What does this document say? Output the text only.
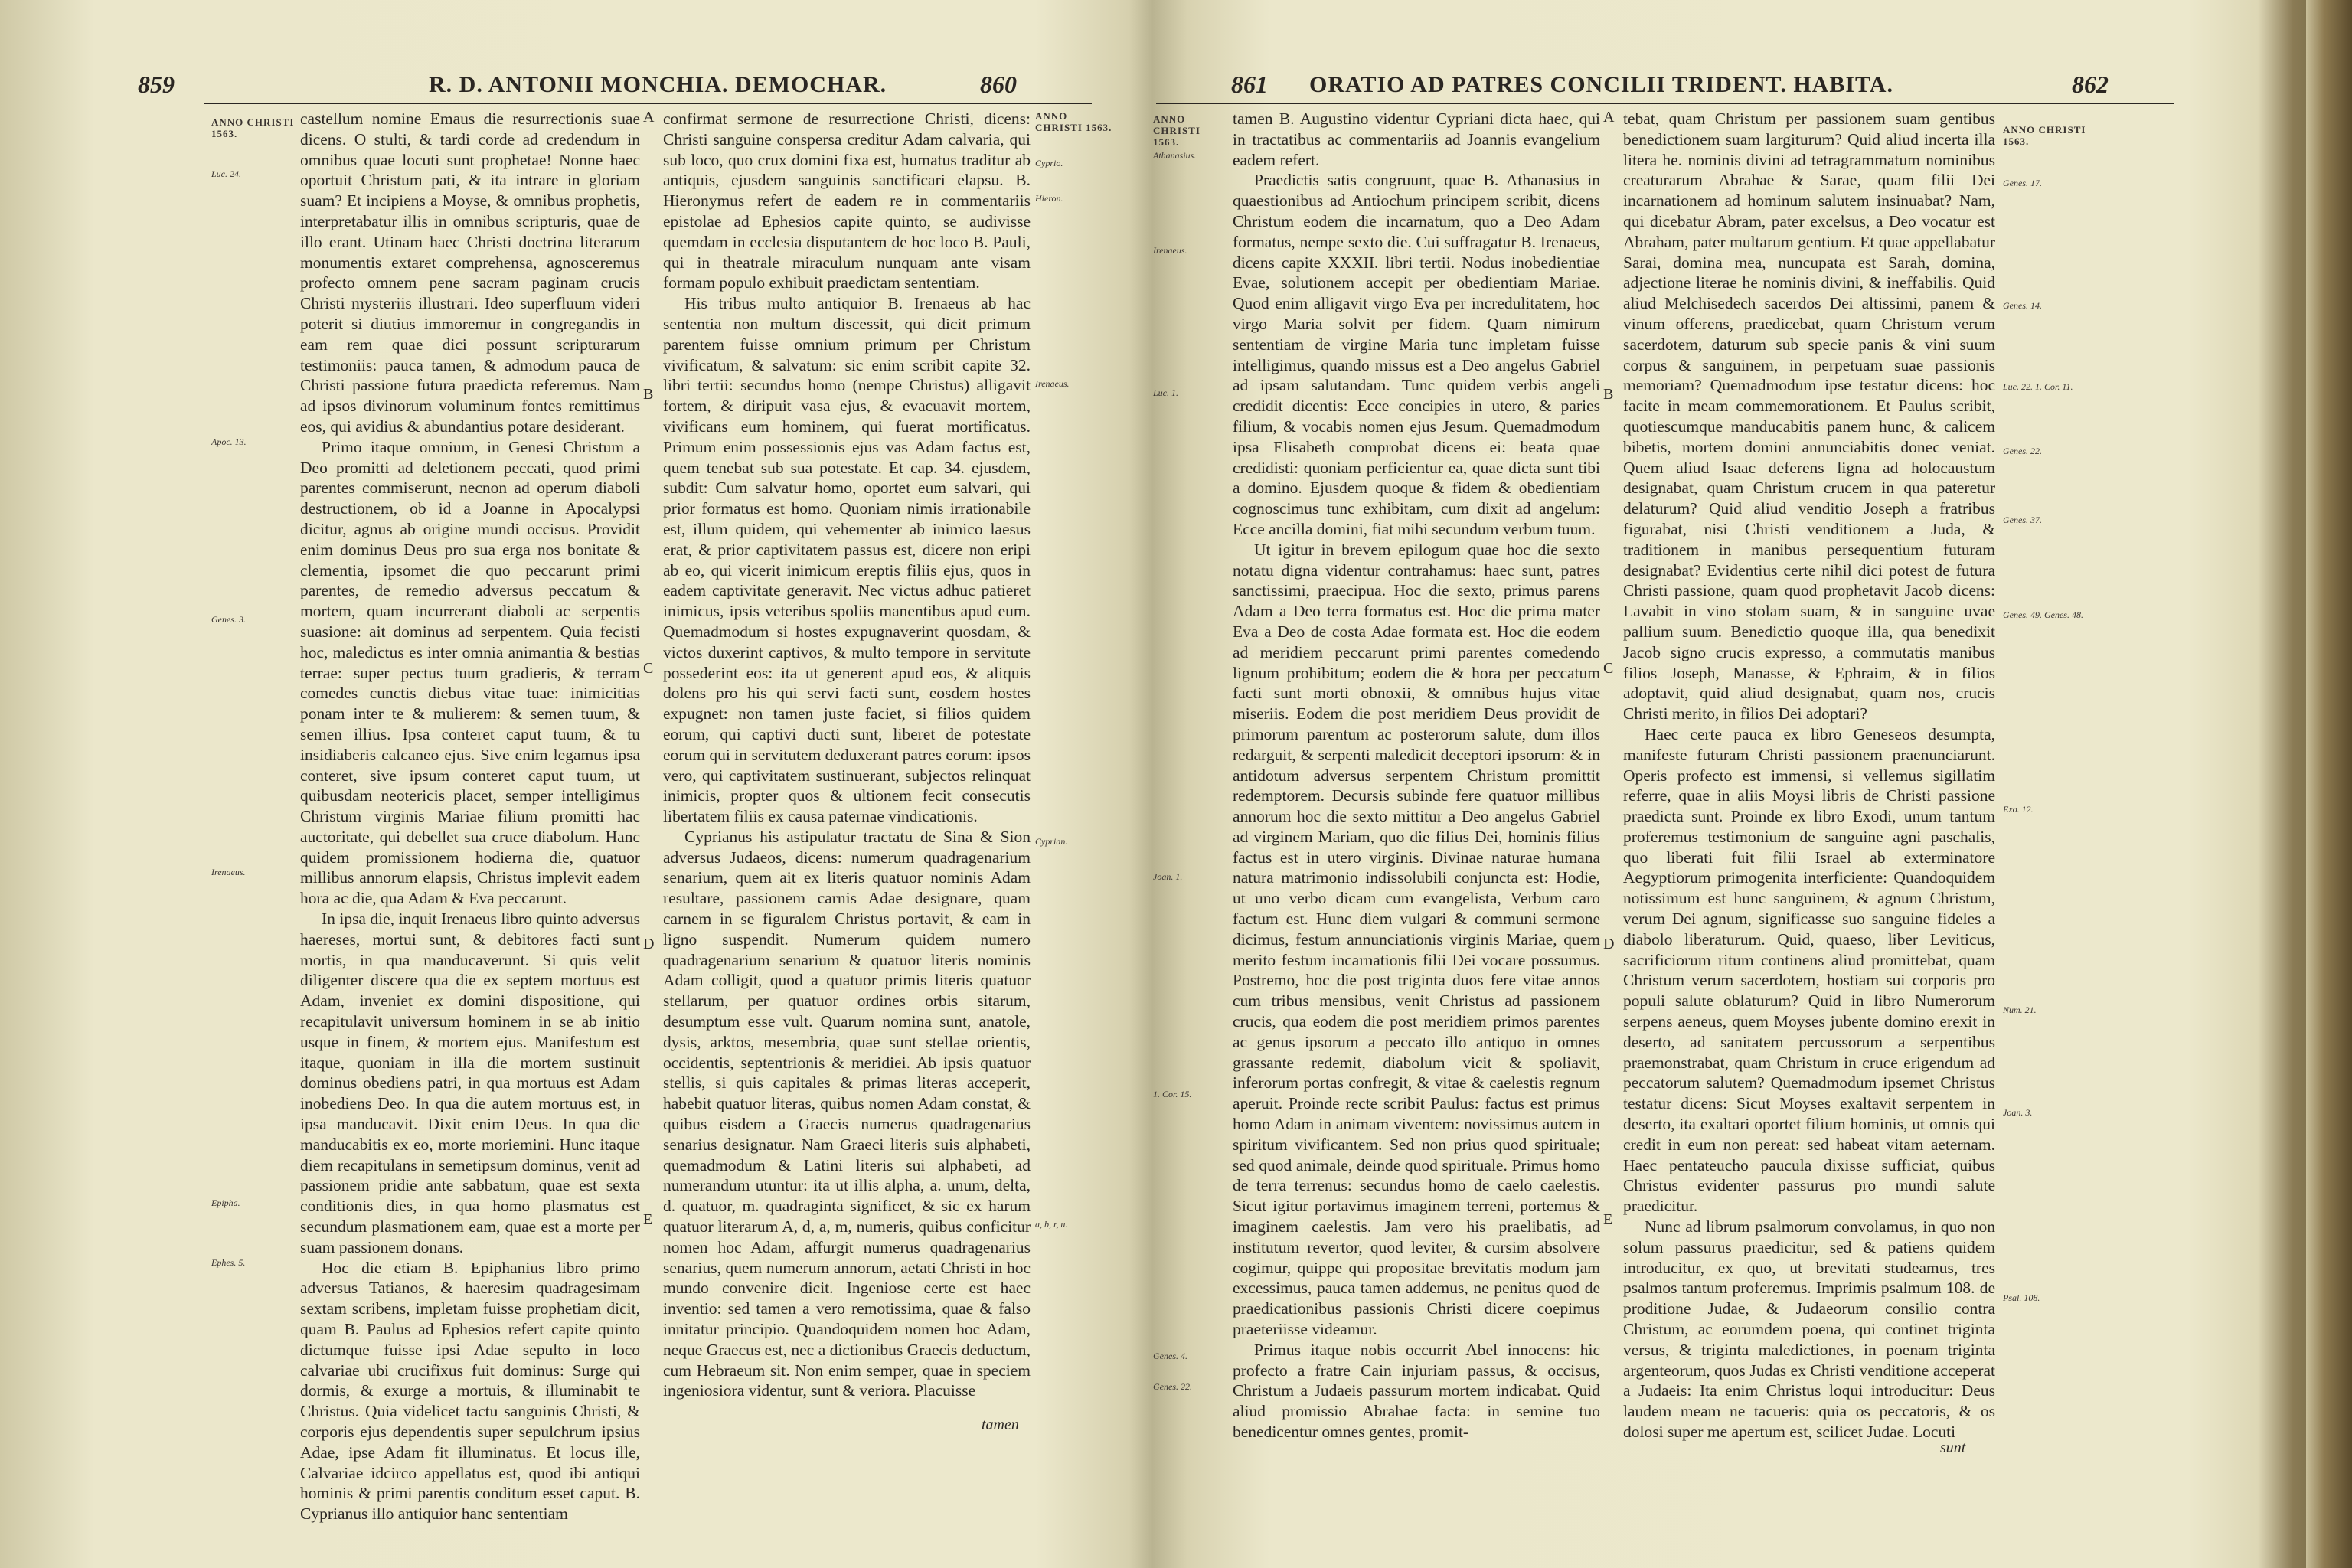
859	R. D. ANTONII MONCHIA. DEMOCHAR.	860
ANNO CHRISTI 1563.
Luc. 24.
Apoc. 13.
Genes. 3.
Irenaeus.
Epipha.
Ephes. 5.

castellum nomine Emaus die resurrectionis suae dicens. O stulti, & tardi corde ad credendum in omnibus quae locuti sunt prophetae! Nonne haec oportuit Christum pati, & ita intrare in gloriam suam? Et incipiens a Moyse, & omnibus prophetis, interpretabatur illis in omnibus scripturis, quae de illo erant. Utinam haec Christi doctrina literarum monumentis extaret comprehensa, agnosceremus profecto omnem pene sacram paginam crucis Christi mysteriis illustrari. Ideo superfluum videri poterit si diutius immoremur in congregandis in eam rem quae dici possunt scripturarum testimoniis: pauca tamen, & admodum pauca de Christi passione futura praedicta referemus. Nam ad ipsos divinorum voluminum fontes remittimus eos, qui avidius & abundantius potare desiderant.

Primo itaque omnium, in Genesi Christum a Deo promitti ad deletionem peccati, quod primi parentes commiserunt, necnon ad operum diaboli destructionem, ob id a Joanne in Apocalypsi dicitur, agnus ab origine mundi occisus. Providit enim dominus Deus pro sua erga nos bonitate & clementia, ipsomet die quo peccarunt primi parentes, de remedio adversus peccatum & mortem, quam incurrerant diaboli ac serpentis suasione: ait dominus ad serpentem. Quia fecisti hoc, maledictus es inter omnia animantia & bestias terrae: super pectus tuum gradieris, & terram comedes cunctis diebus vitae tuae: inimicitias ponam inter te & mulierem: & semen tuum, & semen illius. Ipsa conteret caput tuum, & tu insidiaberis calcaneo ejus. Sive enim legamus ipsa conteret, sive ipsum conteret caput tuum, ut quibusdam neotericis placet, semper intelligimus Christum virginis Mariae filium promitti hac auctoritate, qui debellet sua cruce diabolum. Hanc quidem promissionem hodierna die, quatuor millibus annorum elapsis, Christus implevit eadem hora ac die, qua Adam & Eva peccarunt.

In ipsa die, inquit Irenaeus libro quinto adversus haereses, mortui sunt, & debitores facti sunt mortis, in qua manducaverunt. Si quis velit diligenter discere qua die ex septem mortuus est Adam, inveniet ex domini dispositione, qui recapitulavit universum hominem in se ab initio usque in finem, & mortem ejus. Manifestum est itaque, quoniam in illa die mortem sustinuit dominus obediens patri, in qua mortuus est Adam inobediens Deo. In qua die autem mortuus est, in ipsa manducavit. Dixit enim Deus. In qua die manducabitis ex eo, morte moriemini. Hunc itaque diem recapitulans in semetipsum dominus, venit ad passionem pridie ante sabbatum, quae est sexta conditionis dies, in qua homo plasmatus est secundum plasmationem eam, quae est a morte per suam passionem donans.

Hoc die etiam B. Epiphanius libro primo adversus Tatianos, & haeresim quadragesimam sextam scribens, impletam fuisse prophetiam dicit, quam B. Paulus ad Ephesios refert capite quinto dictumque fuisse ipsi Adae sepulto in loco calvariae ubi crucifixus fuit dominus: Surge qui dormis, & exurge a mortuis, & illuminabit te Christus. Quia videlicet tactu sanguinis Christi, & corporis ejus dependentis super sepulchrum ipsius Adae, ipse Adam fit illuminatus. Et locus ille, Calvariae idcirco appellatus est, quod ibi antiqui hominis & primi parentis conditum esset caput. B. Cyprianus illo antiquior hanc sententiam

A
B
C
D
E

confirmat sermone de resurrectione Christi, dicens: Christi sanguine conspersa creditur Adam calvaria, qui sub loco, quo crux domini fixa est, humatus traditur ab antiquis, ejusdem sanguinis sanctificari elapsu. B. Hieronymus refert de eadem re in commentariis epistolae ad Ephesios capite quinto, se audivisse quemdam in ecclesia disputantem de hoc loco B. Pauli, qui in theatrale miraculum nunquam ante visam formam populo exhibuit praedictam sententiam.

His tribus multo antiquior B. Irenaeus ab hac sententia non multum discessit, qui dicit primum parentem fuisse omnium primum per Christum vivificatum, & salvatum: sic enim scribit capite 32. libri tertii: secundus homo (nempe Christus) alligavit fortem, & diripuit vasa ejus, & evacuavit mortem, vivificans eum hominem, qui fuerat mortificatus. Primum enim possessionis ejus vas Adam factus est, quem tenebat sub sua potestate. Et cap. 34. ejusdem, subdit: Cum salvatur homo, oportet eum salvari, qui prior formatus est homo. Quoniam nimis irrationabile est, illum quidem, qui vehementer ab inimico laesus erat, & prior captivitatem passus est, dicere non eripi ab eo, qui vicerit inimicum ereptis filiis ejus, quos in eadem captivitate generavit. Nec victus adhuc patieret inimicus, ipsis veteribus spoliis manentibus apud eum. Quemadmodum si hostes expugnaverint quosdam, & victos duxerint captivos, & multo tempore in servitute possederint eos: ita ut generent apud eos, & aliquis dolens pro his qui servi facti sunt, eosdem hostes expugnet: non tamen juste faciet, si filios quidem eorum, qui captivi ducti sunt, liberet de potestate eorum qui in servitutem deduxerant patres eorum: ipsos vero, qui captivitatem sustinuerant, subjectos relinquat inimicis, propter quos & ultionem fecit consecutis libertatem filiis ex causa paternae vindicationis.

Cyprianus his astipulatur tractatu de Sina & Sion adversus Judaeos, dicens: numerum quadragenarium senarium, quem ait ex literis quatuor nominis Adam resultare, passionem carnis Adae designare, quam carnem in se figuralem Christus portavit, & eam in ligno suspendit. Numerum quidem numero quadragenarium senarium & quatuor literis nominis Adam colligit, quod a quatuor primis literis quatuor stellarum, per quatuor ordines orbis sitarum, desumptum esse vult. Quarum nomina sunt, anatole, dysis, arktos, mesembria, quae sunt stellae orientis, occidentis, septentrionis & meridiei. Ab ipsis quatuor stellis, si quis capitales & primas literas acceperit, habebit quatuor literas, quibus nomen Adam constat, & quibus eisdem a Graecis numerus quadragenarius senarius designatur. Nam Graeci literis suis alphabeti, quemadmodum & Latini literis sui alphabeti, ad numerandum utuntur: ita ut illis alpha, a. unum, delta, d. quatuor, m. quadraginta significet, & sic ex harum quatuor literarum A, d, a, m, numeris, quibus conficitur nomen hoc Adam, affurgit numerus quadragenarius senarius, quem numerum annorum, aetati Christi in hoc mundo convenire dicit. Ingeniose certe est haec inventio: sed tamen a vero remotissima, quae & falso innitatur principio. Quandoquidem nomen hoc Adam, neque Graecus est, nec a dictionibus Graecis deductum, cum Hebraeum sit. Non enim semper, quae in speciem ingeniosiora videntur, sunt & veriora. Placuisse

ANNO CHRISTI 1563.
Cyprio.
Hieron.
Irenaeus.
Cyprian.
a, b, r, u.
tamen
861 ORATIO AD PATRES CONCILII TRIDENT. HABITA.	862
ANNO CHRISTI 1563.
Athanasius.
Irenaeus.
Luc. 1.
Joan. 1.
1. Cor. 15.
Genes. 4.
Genes. 22.

tamen B. Augustino videntur Cypriani dicta haec, qui in tractatibus ac commentariis ad Joannis evangelium eadem refert.

Praedictis satis congruunt, quae B. Athanasius in quaestionibus ad Antiochum principem scribit, dicens Christum eodem die incarnatum, quo a Deo Adam formatus, nempe sexto die. Cui suffragatur B. Irenaeus, dicens capite XXXII. libri tertii. Nodus inobedientiae Evae, solutionem accepit per obedientiam Mariae. Quod enim alligavit virgo Eva per incredulitatem, hoc virgo Maria solvit per fidem. Quam nimirum sententiam de virgine Maria tunc impletam fuisse intelligimus, quando missus est a Deo angelus Gabriel ad ipsam salutandam. Tunc quidem verbis angeli credidit dicentis: Ecce concipies in utero, & paries filium, & vocabis nomen ejus Jesum. Quemadmodum ipsa Elisabeth comprobat dicens ei: beata quae credidisti: quoniam perficientur ea, quae dicta sunt tibi a domino. Ejusdem quoque & fidem & obedientiam cognoscimus tunc exhibitam, cum dixit ad angelum: Ecce ancilla domini, fiat mihi secundum verbum tuum.

Ut igitur in brevem epilogum quae hoc die sexto notatu digna videntur contrahamus: haec sunt, patres sanctissimi, praecipua. Hoc die sexto, primus parens Adam a Deo terra formatus est. Hoc die prima mater Eva a Deo de costa Adae formata est. Hoc die eodem ad meridiem peccarunt primi parentes comedendo lignum prohibitum; eodem die & hora per peccatum facti sunt morti obnoxii, & omnibus hujus vitae miseriis. Eodem die post meridiem Deus providit de primorum parentum ac posterorum salute, dum illos redarguit, & serpenti maledicit deceptori ipsorum: & in antidotum adversus serpentem Christum promittit redemptorem. Decursis subinde fere quatuor millibus annorum hoc die sexto mittitur a Deo angelus Gabriel ad virginem Mariam, quo die filius Dei, hominis filius factus est in utero virginis. Divinae naturae humana natura matrimonio indissolubili conjuncta est: Hodie, ut uno verbo dicam cum evangelista, Verbum caro factum est. Hunc diem vulgari & communi sermone dicimus, festum annunciationis virginis Mariae, quem merito festum incarnationis filii Dei vocare possumus. Postremo, hoc die post triginta duos fere vitae annos cum tribus mensibus, venit Christus ad passionem crucis, qua eodem die post meridiem primos parentes ac genus ipsorum a peccato illo antiquo in omnes grassante redemit, diabolum vicit & spoliavit, inferorum portas confregit, & vitae & caelestis regnum aperuit. Proinde recte scribit Paulus: factus est primus homo Adam in animam viventem: novissimus autem in spiritum vivificantem. Sed non prius quod spirituale; sed quod animale, deinde quod spirituale. Primus homo de terra terrenus: secundus homo de caelo caelestis. Sicut igitur portavimus imaginem terreni, portemus & imaginem caelestis. Jam vero his praelibatis, ad institutum revertor, quod leviter, & cursim absolvere cogimur, quippe qui propositae brevitatis modum jam excessimus, pauca tamen addemus, ne penitus quod de praedicationibus passionis Christi dicere coepimus praeteriisse videamur.

Primus itaque nobis occurrit Abel innocens: hic profecto a fratre Cain injuriam passus, & occisus, Christum a Judaeis passurum mortem indicabat. Quid aliud promissio Abrahae facta: in semine tuo benedicentur omnes gentes, promit-

A
B
C
D
E

tebat, quam Christum per passionem suam gentibus benedictionem suam largiturum? Quid aliud incerta illa litera he. nominis divini ad tetragrammatum nominibus creaturarum Abrahae & Sarae, quam filii Dei incarnationem ad hominum salutem insinuabat? Nam, qui dicebatur Abram, pater excelsus, a Deo vocatur est Abraham, pater multarum gentium. Et quae appellabatur Sarai, domina mea, nuncupata est Sarah, domina, adjectione literae he nominis divini, & ineffabilis. Quid aliud Melchisedech sacerdos Dei altissimi, panem & vinum offerens, praedicebat, quam Christum verum sacerdotem, daturum sub specie panis & vini suum corpus & sanguinem, in perpetuam suae passionis memoriam? Quemadmodum ipse testatur dicens: hoc facite in meam commemorationem. Et Paulus scribit, quotiescumque manducabitis panem hunc, & calicem bibetis, mortem domini annunciabitis donec veniat. Quem aliud Isaac deferens ligna ad holocaustum designabat, quam Christum crucem in qua pateretur delaturum? Quid aliud venditio Joseph a fratribus figurabat, nisi Christi venditionem a Juda, & traditionem in manibus persequentium futuram designabat? Evidentius certe nihil dici potest de futura Christi passione, quam quod prophetavit Jacob dicens: Lavabit in vino stolam suam, & in sanguine uvae pallium suum. Benedictio quoque illa, qua benedixit Jacob signo crucis expresso, a commutatis manibus filios Joseph, Manasse, & Ephraim, & in filios adoptavit, quid aliud designabat, quam nos, crucis Christi merito, in filios Dei adoptari?

Haec certe pauca ex libro Geneseos desumpta, manifeste futuram Christi passionem praenunciarunt. Operis profecto est immensi, si vellemus sigillatim referre, quae in aliis Moysi libris de Christi passione praedicta sunt. Proinde ex libro Exodi, unum tantum proferemus testimonium de sanguine agni paschalis, quo liberati fuit filii Israel ab exterminatore Aegyptiorum primogenita interficiente: Quandoquidem notissimum est hunc sanguinem, & agnum Christum, verum Dei agnum, significasse suo sanguine fideles a diabolo liberaturum. Quid, quaeso, liber Leviticus, sacrificiorum ritum continens aliud promittebat, quam Christum verum sacerdotem, hostiam sui corporis pro populi salute oblaturum? Quid in libro Numerorum serpens aeneus, quem Moyses jubente domino erexit in deserto, ad sanitatem percussorum a serpentibus praemonstrabat, quam Christum in cruce erigendum ad peccatorum salutem? Quemadmodum ipsemet Christus testatur dicens: Sicut Moyses exaltavit serpentem in deserto, ita exaltari oportet filium hominis, ut omnis qui credit in eum non pereat: sed habeat vitam aeternam. Haec pentateucho paucula dixisse sufficiat, quibus Christus evidenter passurus pro mundi salute praedicitur.

Nunc ad librum psalmorum convolamus, in quo non solum passurus praedicitur, sed & patiens quidem introducitur, ex quo, ut brevitati studeamus, tres psalmos tantum proferemus. Imprimis psalmum 108. de proditione Judae, & Judaeorum consilio contra Christum, ac eorumdem poena, qui continet triginta versus, & triginta maledictiones, in poenam triginta argenteorum, quos Judas ex Christi venditione acceperat a Judaeis: Ita enim Christus loqui introducitur: Deus laudem meam ne tacueris: quia os peccatoris, & os dolosi super me apertum est, scilicet Judae. Locuti

ANNO CHRISTI 1563.
Genes. 17.
Genes. 14.
Luc. 22. 1. Cor. 11.
Genes. 22.
Genes. 37.
Genes. 49. Genes. 48.
Exo. 12.
Num. 21.
Joan. 3.
Psal. 108.
sunt
